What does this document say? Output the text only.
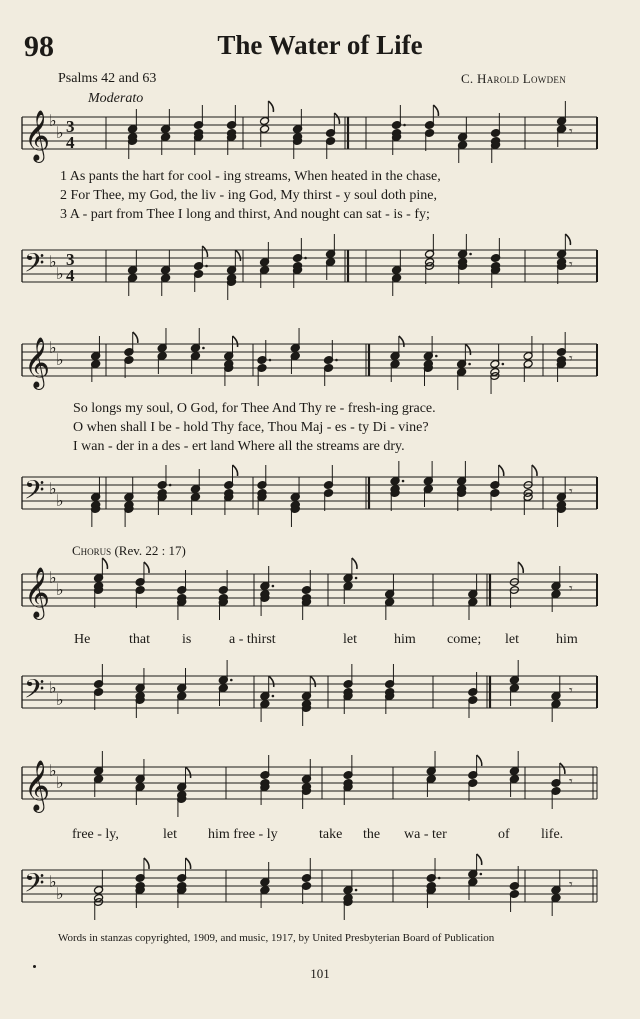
98	The Water of Life
Psalms 42 and 63	C. Harold Lowden
Moderato
𝄞
♭
♭ 3
4
𝄢 ♭
♭
3
4
𝄞
♭
♭
𝄢 ♭
♭
𝄞
♭
♭
𝄢 ♭
♭
𝄞
♭
♭
𝄢 ♭
♭
𝄾
𝄾
𝄾
𝄾
𝄾
𝄾
𝄾
𝄾
1 As pants the hart for cool - ing streams, When heated in the chase,
2 For Thee, my God, the liv - ing God, My thirst - y soul doth pine,
3 A - part from Thee I long and thirst, And nought can sat - is - fy;
So longs my soul, O God, for Thee And Thy re - fresh-ing grace.
O when shall I be - hold Thy face, Thou Maj - es - ty Di - vine?
I wan - der in a des - ert land Where all the streams are dry.
Chorus (Rev. 22 : 17)
He	that is	a - thirst	let	him come; let	him
free - ly,	let him free - ly	take the wa - ter	of life.
Words in stanzas copyrighted, 1909, and music, 1917, by United Presbyterian Board of Publication
101
